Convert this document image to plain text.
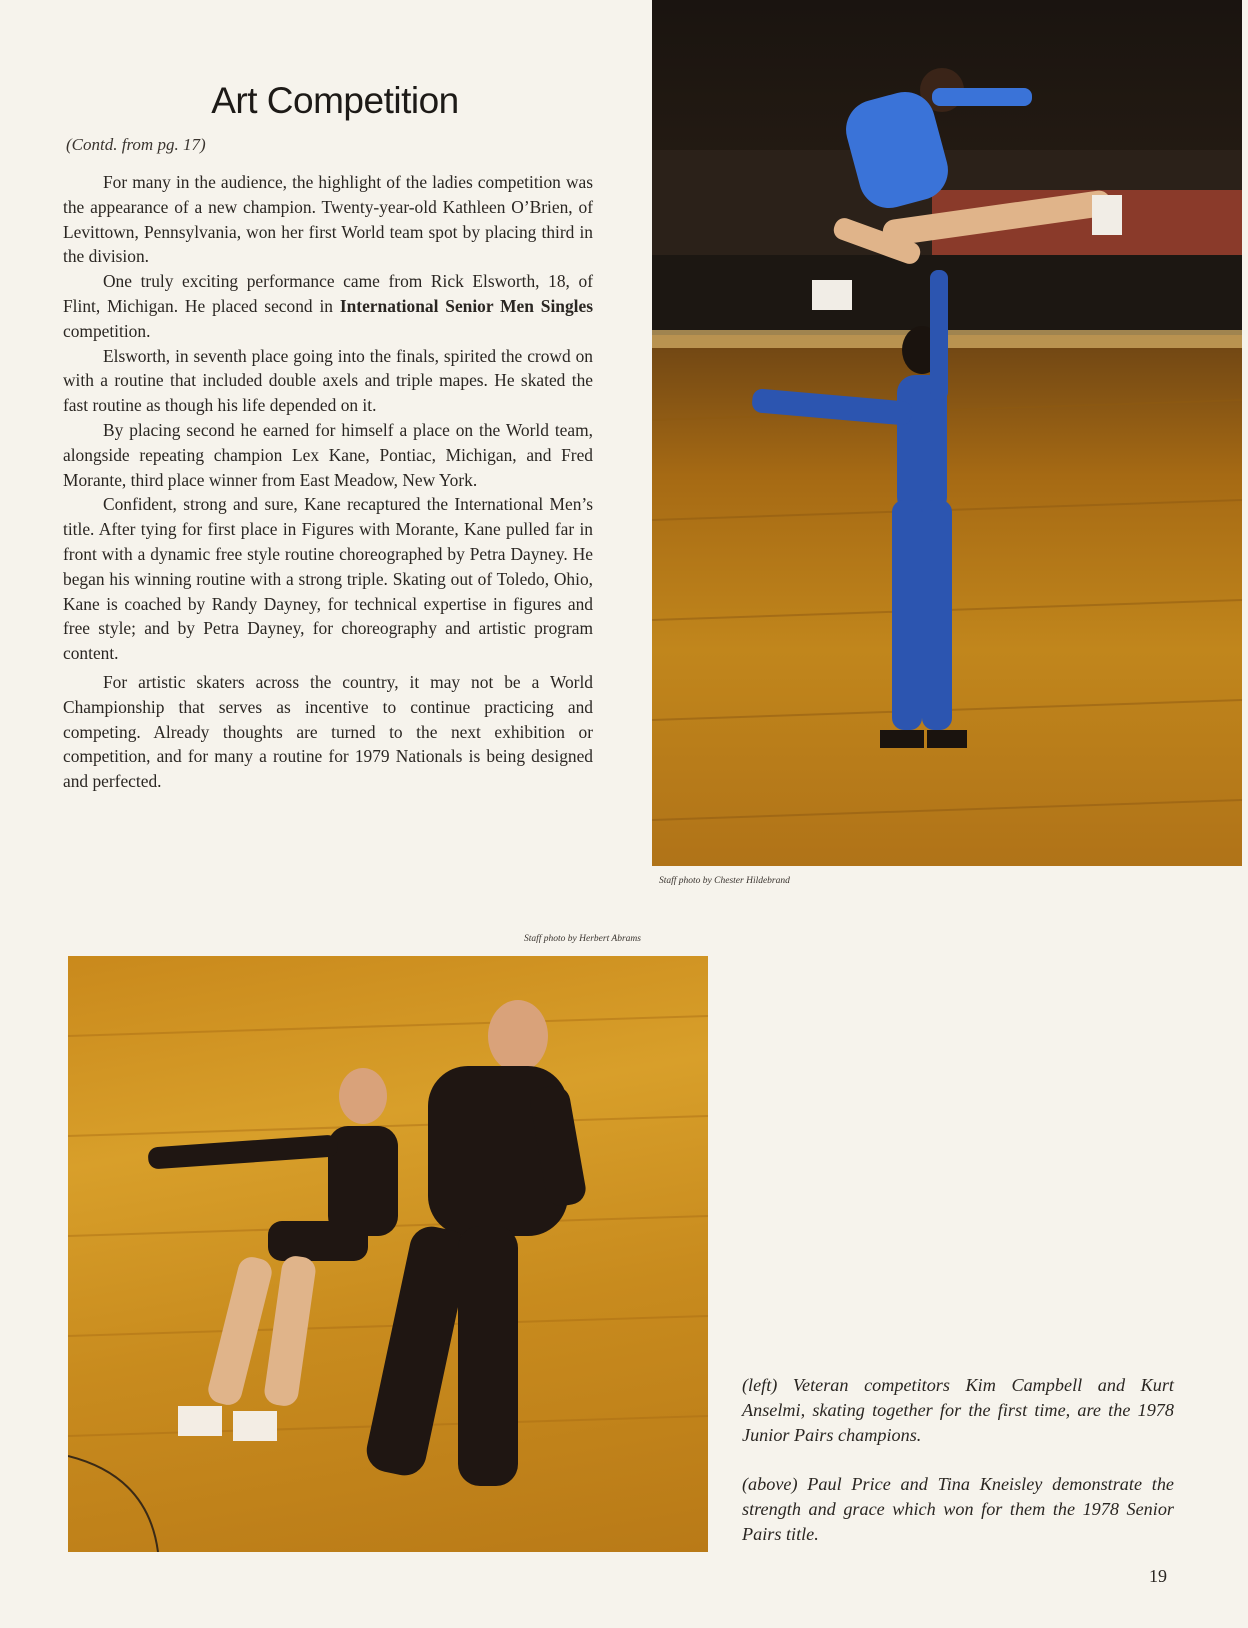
Art Competition
(Contd. from pg. 17)

For many in the audience, the highlight of the ladies competition was the appearance of a new champion. Twenty-year-old Kathleen O’Brien, of Levittown, Pennsylvania, won her first World team spot by placing third in the division.

One truly exciting performance came from Rick Elsworth, 18, of Flint, Michigan. He placed second in International Senior Men Singles competition.

Elsworth, in seventh place going into the finals, spirited the crowd on with a routine that included double axels and triple mapes. He skated the fast routine as though his life depended on it.

By placing second he earned for himself a place on the World team, alongside repeating champion Lex Kane, Pontiac, Michigan, and Fred Morante, third place winner from East Meadow, New York.

Confident, strong and sure, Kane recaptured the International Men’s title. After tying for first place in Figures with Morante, Kane pulled far in front with a dynamic free style routine choreographed by Petra Dayney. He began his winning routine with a strong triple. Skating out of Toledo, Ohio, Kane is coached by Randy Dayney, for technical expertise in figures and free style; and by Petra Dayney, for choreography and artistic program content.

For artistic skaters across the country, it may not be a World Championship that serves as incentive to continue practicing and competing. Already thoughts are turned to the next exhibition or competition, and for many a routine for 1979 Nationals is being designed and perfected.

Staff photo by Chester Hildebrand
Staff photo by Herbert Abrams
(left) Veteran competitors Kim Campbell and Kurt Anselmi, skating together for the first time, are the 1978 Junior Pairs champions.
(above) Paul Price and Tina Kneisley demonstrate the strength and grace which won for them the 1978 Senior Pairs title.
19
